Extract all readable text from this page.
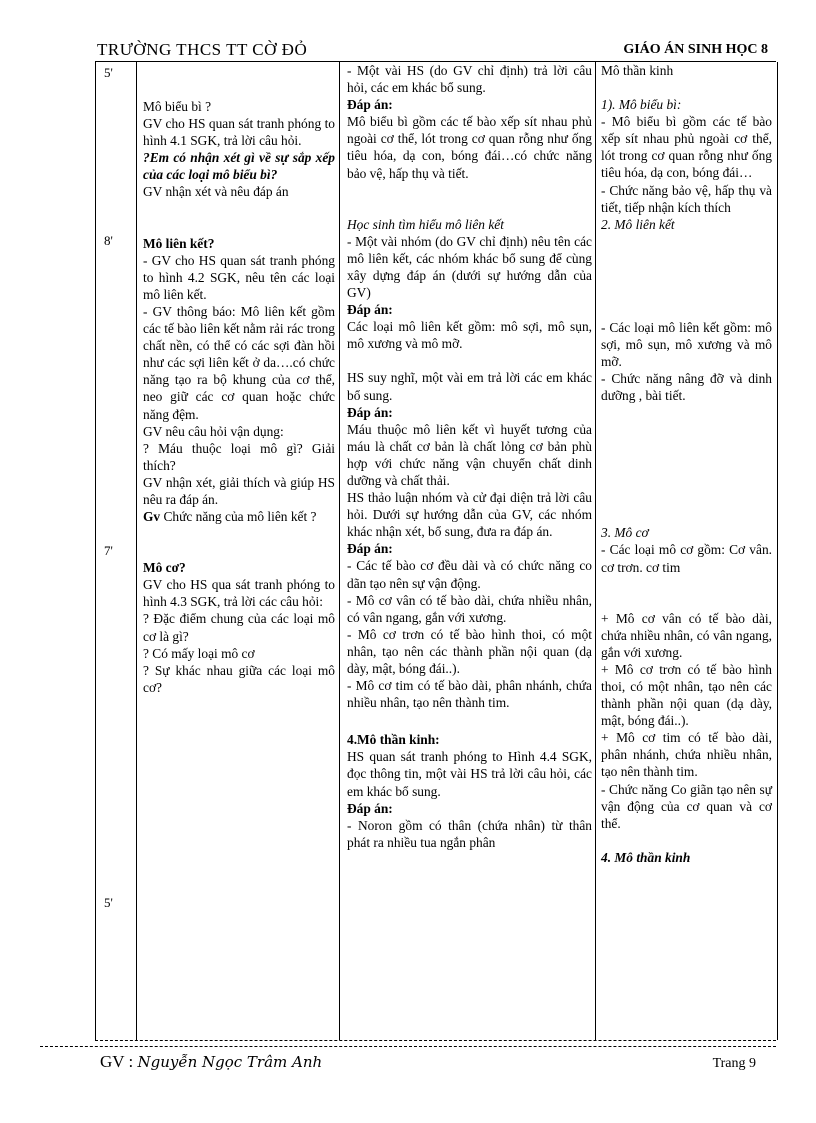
TRƯỜNG THCS TT CỜ ĐỎ	GIÁO ÁN SINH HỌC 8
5'
8'
7'
5'

Mô biểu bì ?

GV cho HS quan sát tranh phóng to hình 4.1 SGK, trả lời câu hỏi.

?Em có nhận xét gì về sự sắp xếp của các loại mô biểu bì?

GV nhận xét và nêu đáp án

Mô liên kết?

- GV cho HS quan sát tranh phóng to hình 4.2 SGK, nêu tên các loại mô liên kết.

- GV thông báo: Mô liên kết gồm các tế bào liên kết nằm rải rác trong chất nền, có thể có các sợi đàn hồi như các sợi liên kết ở da….có chức năng tạo ra bộ khung của cơ thể, neo giữ các cơ quan hoặc chức năng đệm.

GV nêu câu hỏi vận dụng:

? Máu thuộc loại mô gì? Giải thích?

GV nhận xét, giải thích và giúp HS nêu ra đáp án.

Gv Chức năng của mô liên kết ?

Mô cơ?

GV cho HS qua sát tranh phóng to hình 4.3 SGK, trả lời các câu hỏi:

? Đặc điểm chung của các loại mô cơ là gì?

? Có mấy loại mô cơ

? Sự khác nhau giữa các loại mô cơ?

- Một vài HS (do GV chỉ định) trả lời câu hỏi, các em khác bổ sung.

Đáp án:

Mô biểu bì gồm các tế bào xếp sít nhau phủ ngoài cơ thể, lót trong cơ quan rỗng như ống tiêu hóa, dạ con, bóng đái…có chức năng bảo vệ, hấp thụ và tiết.

Học sinh tìm hiểu mô liên kết

- Một vài nhóm (do GV chỉ định) nêu tên các mô liên kết, các nhóm khác bổ sung để cùng xây dựng đáp án (dưới sự hướng dẫn của GV)

Đáp án:

Các loại mô liên kết gồm: mô sợi, mô sụn, mô xương và mô mỡ.

HS suy nghĩ, một vài em trả lời các em khác bổ sung.

Đáp án:

Máu thuộc mô liên kết vì huyết tương của máu là chất cơ bản là chất lỏng cơ bản phù hợp với chức năng vận chuyển chất dinh dưỡng và chất thải.

HS thảo luận nhóm và cử đại diện trả lời câu hỏi. Dưới sự hướng dẫn của GV, các nhóm khác nhận xét, bổ sung, đưa ra đáp án.

Đáp án:

- Các tế bào cơ đều dài và có chức năng co dãn tạo nên sự vận động.

- Mô cơ vân có tế bào dài, chứa nhiều nhân, có vân ngang, gắn với xương.

- Mô cơ trơn có tế bào hình thoi, có một nhân, tạo nên các thành phần nội quan (dạ dày, mật, bóng đái..).

- Mô cơ tim có tế bào dài, phân nhánh, chứa nhiều nhân, tạo nên thành tim.

4.Mô thần kinh:

HS quan sát tranh phóng to Hình 4.4 SGK, đọc thông tin, một vài HS trả lời câu hỏi, các em khác bổ sung.

Đáp án:

- Noron gồm có thân (chứa nhân) từ thân phát ra nhiều tua ngắn phân

Mô thần kinh

1). Mô biểu bì:

- Mô biểu bì gồm các tế bào xếp sít nhau phủ ngoài cơ thể, lót trong cơ quan rỗng như ống tiêu hóa, dạ con, bóng đái…

- Chức năng bảo vệ, hấp thụ và tiết, tiếp nhận kích thích

2. Mô liên kết

- Các loại mô liên kết gồm: mô sợi, mô sụn, mô xương và mô mỡ.

- Chức năng nâng đỡ và dinh dưỡng , bài tiết.

3. Mô cơ

- Các loại mô cơ gồm: Cơ vân. cơ trơn. cơ tim

+ Mô cơ vân có tế bào dài, chứa nhiều nhân, có vân ngang, gắn với xương.

+ Mô cơ trơn có tế bào hình thoi, có một nhân, tạo nên các thành phần nội quan (dạ dày, mật, bóng đái..).

+ Mô cơ tim có tế bào dài, phân nhánh, chứa nhiều nhân, tạo nên thành tim.

- Chức năng Co giãn tạo nên sự vận động của cơ quan và cơ thể.

4. Mô thần kinh

GV : Nguyễn Ngọc Trâm Anh	Trang 9
